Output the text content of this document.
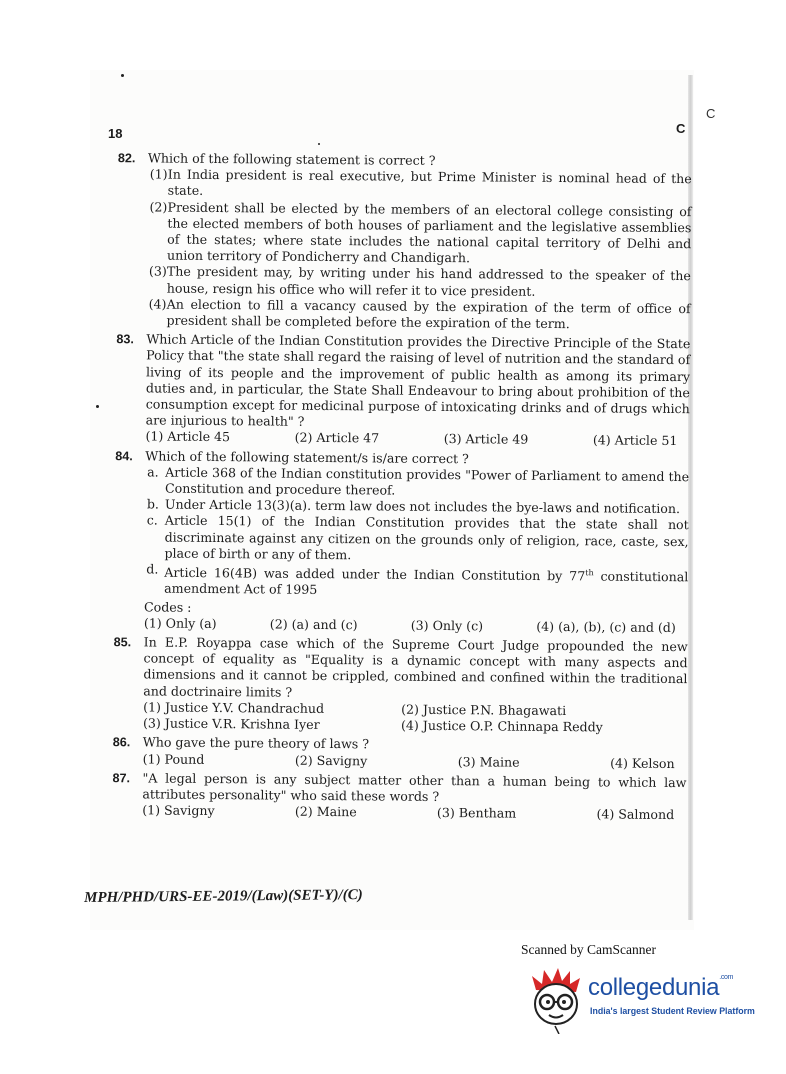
18	C
C
82. Which of the following statement is correct ?
(1) In India president is real executive, but Prime Minister is nominal head of the state.
(2) President shall be elected by the members of an electoral college consisting of the elected members of both houses of parliament and the legislative assemblies of the states; where state includes the national capital territory of Delhi and union territory of Pondicherry and Chandigarh.
(3) The president may, by writing under his hand addressed to the speaker of the house, resign his office who will refer it to vice president.
(4) An election to fill a vacancy caused by the expiration of the term of office of president shall be completed before the expiration of the term.
83. Which Article of the Indian Constitution provides the Directive Principle of the State Policy that "the state shall regard the raising of level of nutrition and the standard of living of its people and the improvement of public health as among its primary duties and, in particular, the State Shall Endeavour to bring about prohibition of the consumption except for medicinal purpose of intoxicating drinks and of drugs which are injurious to health" ?
(1) Article 45	(2) Article 47	(3) Article 49	(4) Article 51
84. Which of the following statement/s is/are correct ?
a. Article 368 of the Indian constitution provides "Power of Parliament to amend the Constitution and procedure thereof.
b. Under Article 13(3)(a). term law does not includes the bye-laws and notification.
c. Article 15(1) of the Indian Constitution provides that the state shall not discriminate against any citizen on the grounds only of religion, race, caste, sex, place of birth or any of them.
d. Article 16(4B) was added under the Indian Constitution by 77th constitutional amendment Act of 1995
Codes :
(1) Only (a)	(2) (a) and (c)	(3) Only (c)	(4) (a), (b), (c) and (d)
85. In E.P. Royappa case which of the Supreme Court Judge propounded the new concept of equality as "Equality is a dynamic concept with many aspects and dimensions and it cannot be crippled, combined and confined within the traditional and doctrinaire limits ?
(1) Justice Y.V. Chandrachud	(2) Justice P.N. Bhagawati
(3) Justice V.R. Krishna Iyer	(4) Justice O.P. Chinnapa Reddy
86. Who gave the pure theory of laws ?
(1) Pound	(2) Savigny	(3) Maine	(4) Kelson
87. "A legal person is any subject matter other than a human being to which law attributes personality" who said these words ?
(1) Savigny	(2) Maine	(3) Bentham	(4) Salmond
MPH/PHD/URS-EE-2019/(Law)(SET-Y)/(C)
Scanned by CamScanner
collegedunia$^{.com}$
India's largest Student Review Platform
